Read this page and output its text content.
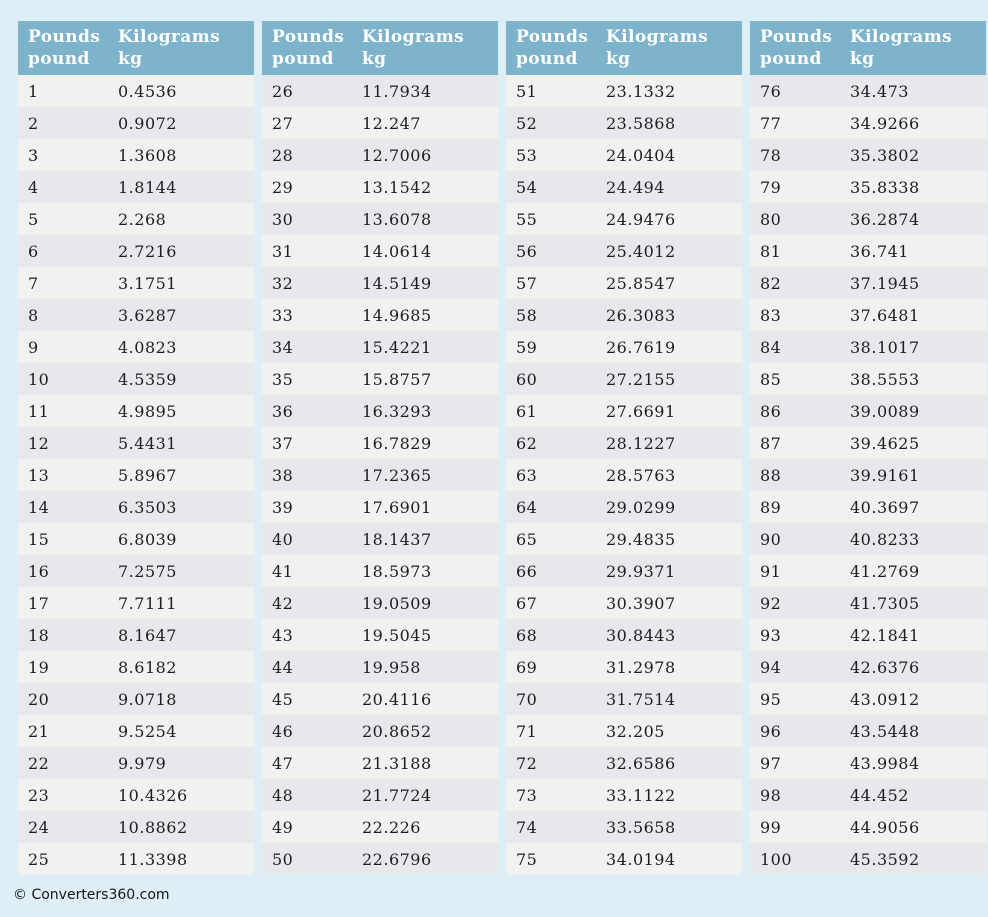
Pounds
pound
Kilograms
kg
1	0.4536
2	0.9072
3	1.3608
4	1.8144
5	2.268
6	2.7216
7	3.1751
8	3.6287
9	4.0823
10	4.5359
11	4.9895
12	5.4431
13	5.8967
14	6.3503
15	6.8039
16	7.2575
17	7.7111
18	8.1647
19	8.6182
20	9.0718
21	9.5254
22	9.979
23	10.4326
24	10.8862
25	11.3398
Pounds
pound
Kilograms
kg
26	11.7934
27	12.247
28	12.7006
29	13.1542
30	13.6078
31	14.0614
32	14.5149
33	14.9685
34	15.4221
35	15.8757
36	16.3293
37	16.7829
38	17.2365
39	17.6901
40	18.1437
41	18.5973
42	19.0509
43	19.5045
44	19.958
45	20.4116
46	20.8652
47	21.3188
48	21.7724
49	22.226
50	22.6796
Pounds
pound
Kilograms
kg
51	23.1332
52	23.5868
53	24.0404
54	24.494
55	24.9476
56	25.4012
57	25.8547
58	26.3083
59	26.7619
60	27.2155
61	27.6691
62	28.1227
63	28.5763
64	29.0299
65	29.4835
66	29.9371
67	30.3907
68	30.8443
69	31.2978
70	31.7514
71	32.205
72	32.6586
73	33.1122
74	33.5658
75	34.0194
Pounds
pound
Kilograms
kg
76	34.473
77	34.9266
78	35.3802
79	35.8338
80	36.2874
81	36.741
82	37.1945
83	37.6481
84	38.1017
85	38.5553
86	39.0089
87	39.4625
88	39.9161
89	40.3697
90	40.8233
91	41.2769
92	41.7305
93	42.1841
94	42.6376
95	43.0912
96	43.5448
97	43.9984
98	44.452
99	44.9056
100	45.3592
© Converters360.com
